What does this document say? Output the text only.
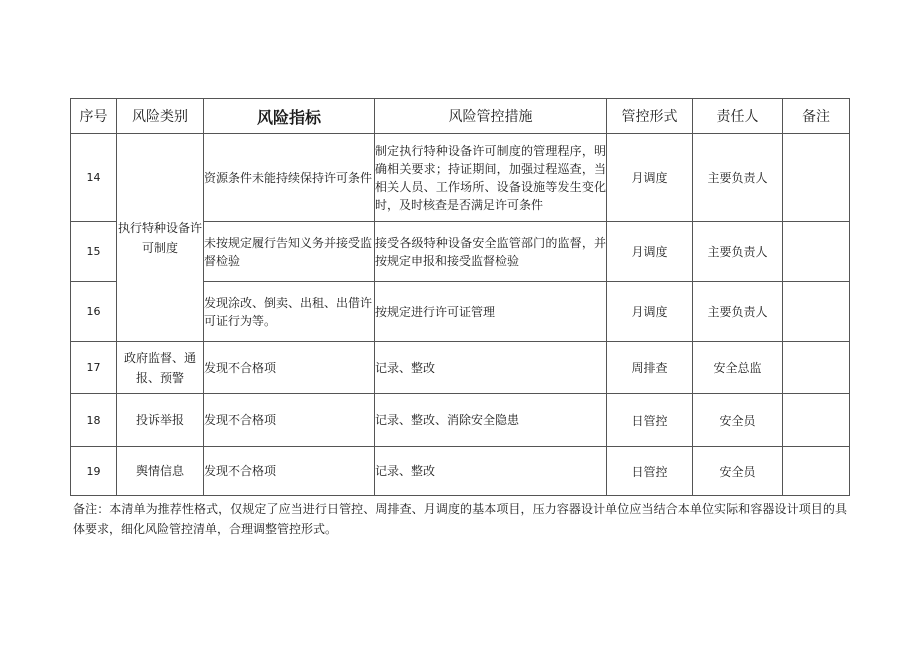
序号	风险类别	风险指标	风险管控措施	管控形式	责任人	备注
14	执行特种设备许可制度	资源条件未能持续保持许可条件	制定执行特种设备许可制度的管理程序，明确相关要求；持证期间，加强过程巡查，当相关人员、工作场所、设备设施等发生变化时，及时核查是否满足许可条件	月调度	主要负责人	
15		未按规定履行告知义务并接受监督检验	接受各级特种设备安全监管部门的监督，并按规定申报和接受监督检验	月调度	主要负责人	
16		发现涂改、倒卖、出租、出借许可证行为等。	按规定进行许可证管理	月调度	主要负责人	
17	政府监督、通报、预警	发现不合格项	记录、整改	周排查	安全总监	
18	投诉举报	发现不合格项	记录、整改、消除安全隐患	日管控	安全员	
19	舆情信息	发现不合格项	记录、整改	日管控	安全员	
备注：本清单为推荐性格式，仅规定了应当进行日管控、周排查、月调度的基本项目，压力容器设计单位应当结合本单位实际和容器设计项目的具体要求，细化风险管控清单，合理调整管控形式。
